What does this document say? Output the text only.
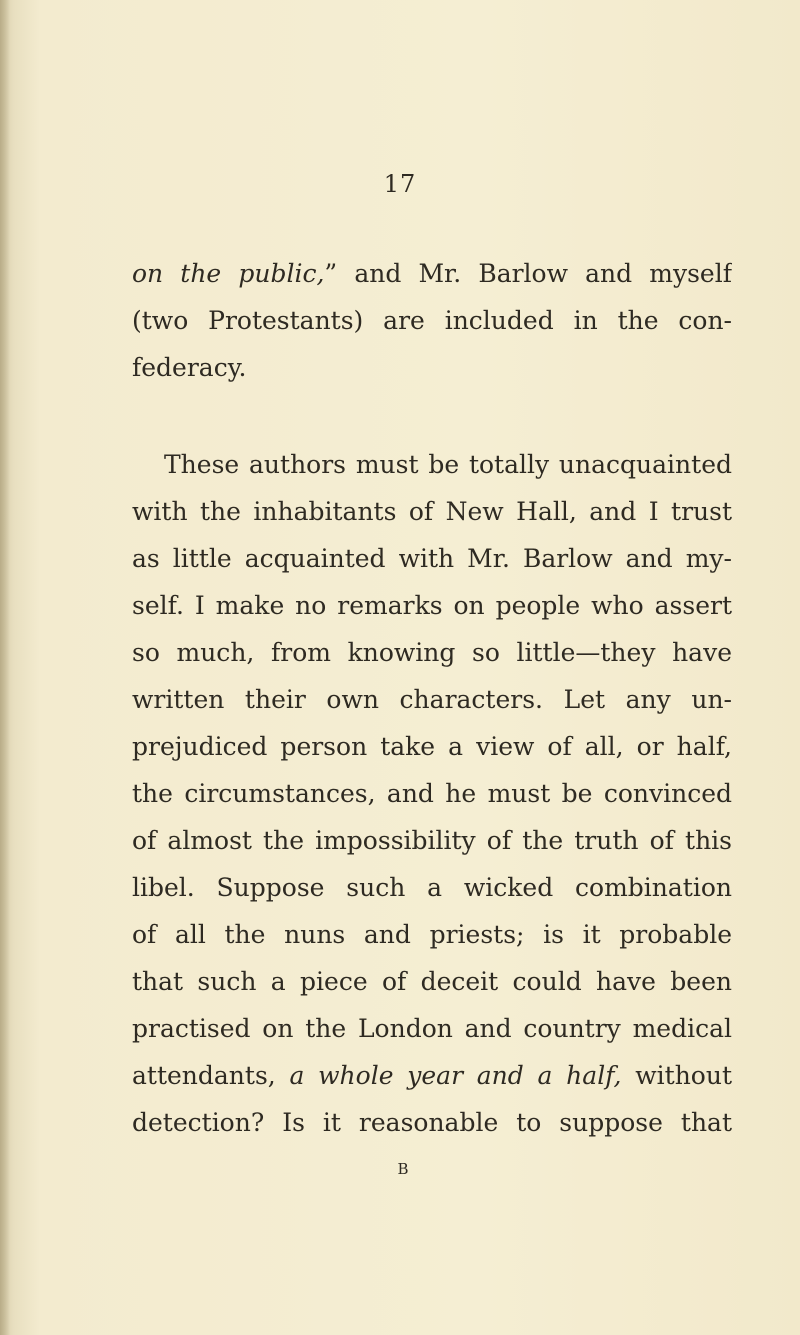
17
on the public,” and Mr. Barlow and myself
(two Protestants) are included in the con-
federacy.
These authors must be totally unacquainted
with the inhabitants of New Hall, and I trust
as little acquainted with Mr. Barlow and my-
self. I make no remarks on people who assert
so much, from knowing so little—they have
written their own characters. Let any un-
prejudiced person take a view of all, or half,
the circumstances, and he must be convinced
of almost the impossibility of the truth of this
libel. Suppose such a wicked combination
of all the nuns and priests; is it probable
that such a piece of deceit could have been
practised on the London and country medical
attendants, a whole year and a half, without
detection? Is it reasonable to suppose that
B
